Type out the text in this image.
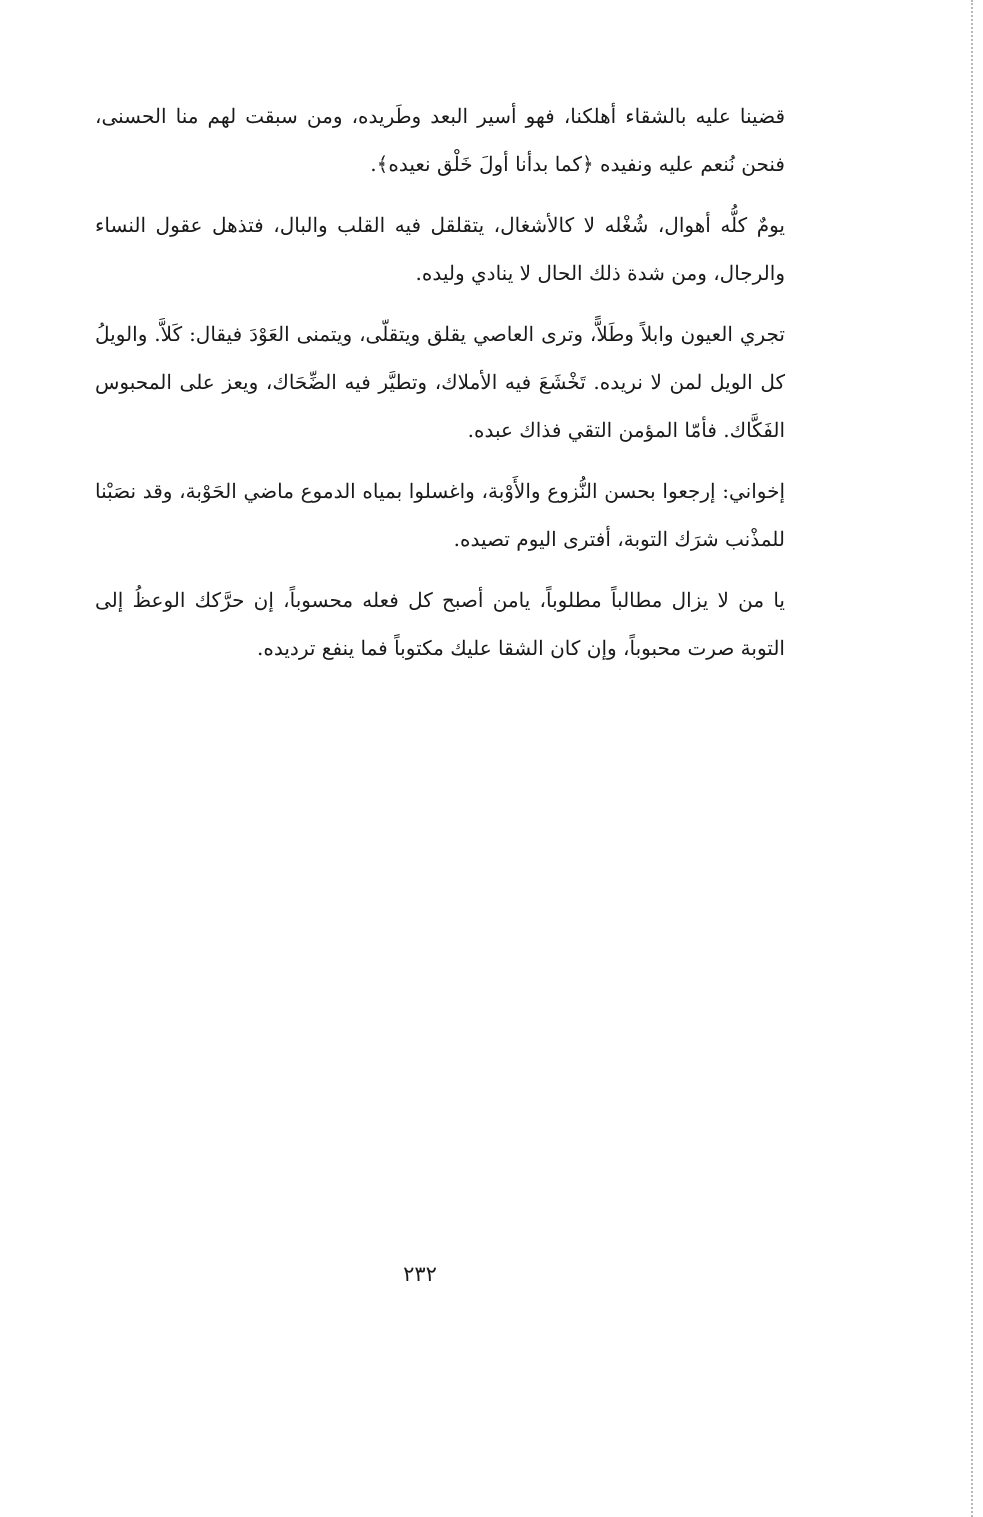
قضينا عليه بالشقاء أهلكنا، فهو أسير البعد وطَريده، ومن سبقت لهم منا الحسنى، فنحن نُنعم عليه ونفيده ﴿كما بدأنا أولَ خَلْق نعيده﴾.

يومٌ كلُّه أهوال، شُغْله لا كالأشغال، يتقلقل فيه القلب والبال، فتذهل عقول النساء والرجال، ومن شدة ذلك الحال لا ينادي وليده.

تجري العيون وابلاً وطَلاًّ، وترى العاصي يقلق ويتقلّى، ويتمنى العَوْدَ فيقال: كَلاَّ. والويلُ كل الويل لمن لا نريده. تَخْشَعَ فيه الأملاك، وتطيَّر فيه الضِّحَاك، ويعز على المحبوس الفَكَّاك. فأمّا المؤمن التقي فذاك عبده.

إخواني: إرجعوا بحسن النُّزوع والأَوْبة، واغسلوا بمياه الدموع ماضي الحَوْبة، وقد نصَبْنا للمذْنب شرَك التوبة، أفترى اليوم تصيده.

يا من لا يزال مطالباً مطلوباً، يامن أصبح كل فعله محسوباً، إن حرَّكك الوعظُ إلى التوبة صرت محبوباً، وإن كان الشقا عليك مكتوباً فما ينفع ترديده.

٢٣٢
